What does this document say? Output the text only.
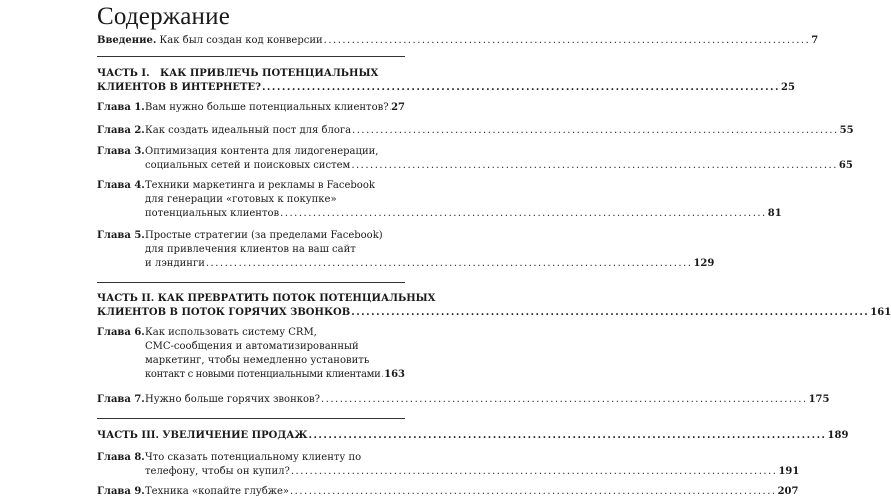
Содержание
Введение. Как был создан код конверсии ........................................................................................................ 7
ЧАСТЬ I.   КАК ПРИВЛЕЧЬ ПОТЕНЦИАЛЬНЫХ
КЛИЕНТОВ В ИНТЕРНЕТЕ? ........................................................................................................ 25
Глава 1. Вам нужно больше потенциальных клиентов? 27
Глава 2. Как создать идеальный пост для блога ........................................................................................................ 55
Глава 3. Оптимизация контента для лидогенерации,
социальных сетей и поисковых систем ........................................................................................................ 65
Глава 4. Техники маркетинга и рекламы в Facebook
для генерации «готовых к покупке»
потенциальных клиентов ........................................................................................................ 81
Глава 5. Простые стратегии (за пределами Facebook)
для привлечения клиентов на ваш сайт
и лэндинги ........................................................................................................ 129
ЧАСТЬ II. КАК ПРЕВРАТИТЬ ПОТОК ПОТЕНЦИАЛЬНЫХ
КЛИЕНТОВ В ПОТОК ГОРЯЧИХ ЗВОНКОВ ........................................................................................................ 161
Глава 6. Как использовать систему CRM,
СМС-сообщения и автоматизированный
маркетинг, чтобы немедленно установить
контакт с новыми потенциальными клиентами 163
Глава 7. Нужно больше горячих звонков? ........................................................................................................ 175
ЧАСТЬ III. УВЕЛИЧЕНИЕ ПРОДАЖ ........................................................................................................ 189
Глава 8. Что сказать потенциальному клиенту по
телефону, чтобы он купил? ........................................................................................................ 191
Глава 9. Техника «копайте глубже» ........................................................................................................ 207
